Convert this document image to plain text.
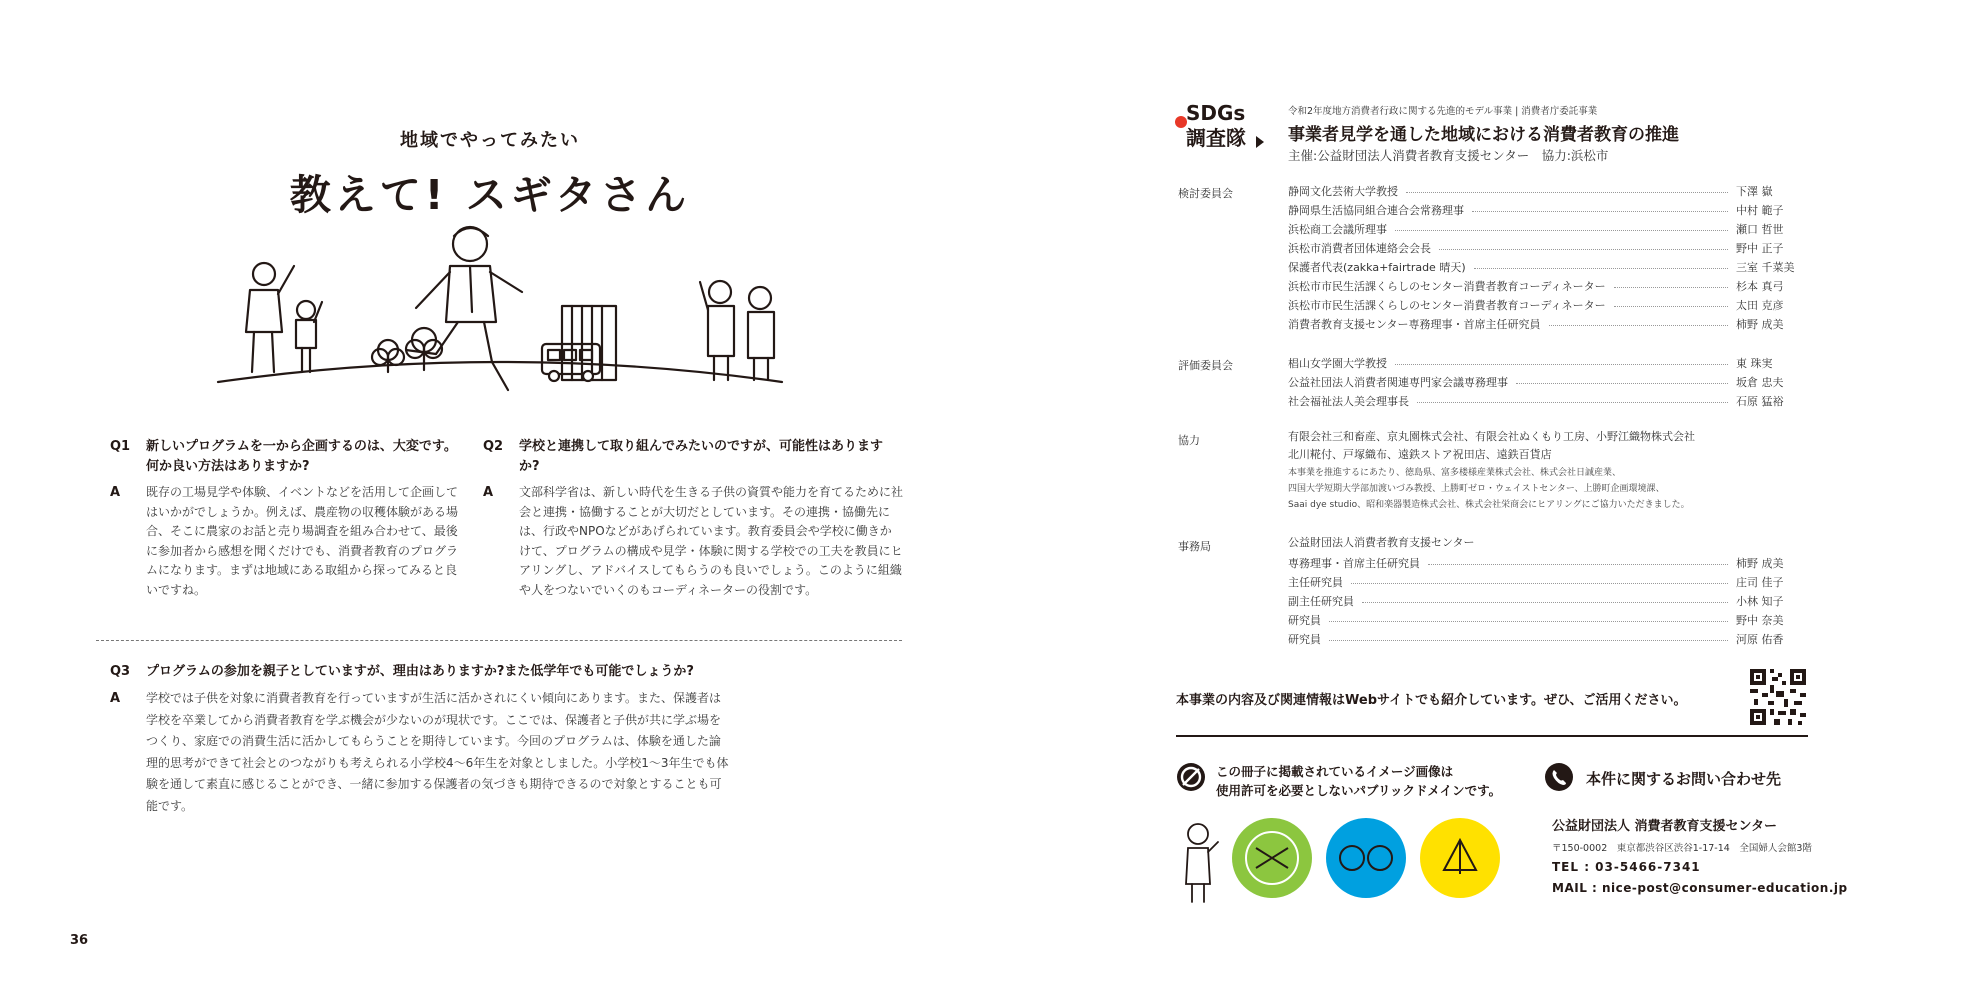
地域でやってみたい
教えて! スギタさん
Q1	新しいプログラムを一から企画するのは、大変です。何か良い方法はありますか?
A	既存の工場見学や体験、イベントなどを活用して企画してはいかがでしょうか。例えば、農産物の収穫体験がある場合、そこに農家のお話と売り場調査を組み合わせて、最後に参加者から感想を聞くだけでも、消費者教育のプログラムになります。まずは地域にある取組から探ってみると良いですね。
Q2	学校と連携して取り組んでみたいのですが、可能性はありますか?
A	文部科学省は、新しい時代を生きる子供の資質や能力を育てるために社会と連携・協働することが大切だとしています。その連携・協働先には、行政やNPOなどがあげられています。教育委員会や学校に働きかけて、プログラムの構成や見学・体験に関する学校での工夫を教員にヒアリングし、アドバイスしてもらうのも良いでしょう。このように組織や人をつないでいくのもコーディネーターの役割です。
Q3	プログラムの参加を親子としていますが、理由はありますか?また低学年でも可能でしょうか?
A	学校では子供を対象に消費者教育を行っていますが生活に活かされにくい傾向にあります。また、保護者は学校を卒業してから消費者教育を学ぶ機会が少ないのが現状です。ここでは、保護者と子供が共に学ぶ場をつくり、家庭での消費生活に活かしてもらうことを期待しています。今回のプログラムは、体験を通した論理的思考ができて社会とのつながりも考えられる小学校4〜6年生を対象としました。小学校1〜3年生でも体験を通して素直に感じることができ、一緒に参加する保護者の気づきも期待できるので対象とすることも可能です。
36
SDGs
調査隊
令和2年度地方消費者行政に関する先進的モデル事業 | 消費者庁委託事業
事業者見学を通した地域における消費者教育の推進
主催:公益財団法人消費者教育支援センター　協力:浜松市
検討委員会	静岡文化芸術大学教授	下澤 嶽
静岡県生活協同組合連合会常務理事	中村 範子
浜松商工会議所理事	瀬口 哲世
浜松市消費者団体連絡会会長	野中 正子
保護者代表(zakka+fairtrade 晴天)	三室 千菜美
浜松市市民生活課くらしのセンター消費者教育コーディネーター	杉本 真弓
浜松市市民生活課くらしのセンター消費者教育コーディネーター	太田 克彦
消費者教育支援センター専務理事・首席主任研究員	柿野 成美
評価委員会	椙山女学園大学教授	東 珠実
公益社団法人消費者関連専門家会議専務理事	坂倉 忠夫
社会福祉法人美会理事長	石原 猛裕
協力	有限会社三和畜産、京丸園株式会社、有限会社ぬくもり工房、小野江織物株式会社
北川糀付、戸塚織布、遠鉄ストア祝田店、遠鉄百貨店
本事業を推進するにあたり、徳島県、富多楼様産業株式会社、株式会社日誠産業、
四国大学短期大学部加渡いづみ教授、上勝町ゼロ・ウェイストセンター、上勝町企画環境課、
Saai dye studio、昭和楽器製造株式会社、株式会社栄商会にヒアリングにご協力いただきました。
事務局	公益財団法人消費者教育支援センター
専務理事・首席主任研究員	柿野 成美
主任研究員	庄司 佳子
副主任研究員	小林 知子
研究員	野中 奈美
研究員	河原 佑香
本事業の内容及び関連情報はWebサイトでも紹介しています。ぜひ、ご活用ください。
この冊子に掲載されているイメージ画像は
使用許可を必要としないパブリックドメインです。
本件に関するお問い合わせ先
公益財団法人 消費者教育支援センター
〒150-0002　東京都渋谷区渋谷1-17-14　全国婦人会館3階
TEL : 03-5466-7341
MAIL : nice-post@consumer-education.jp
